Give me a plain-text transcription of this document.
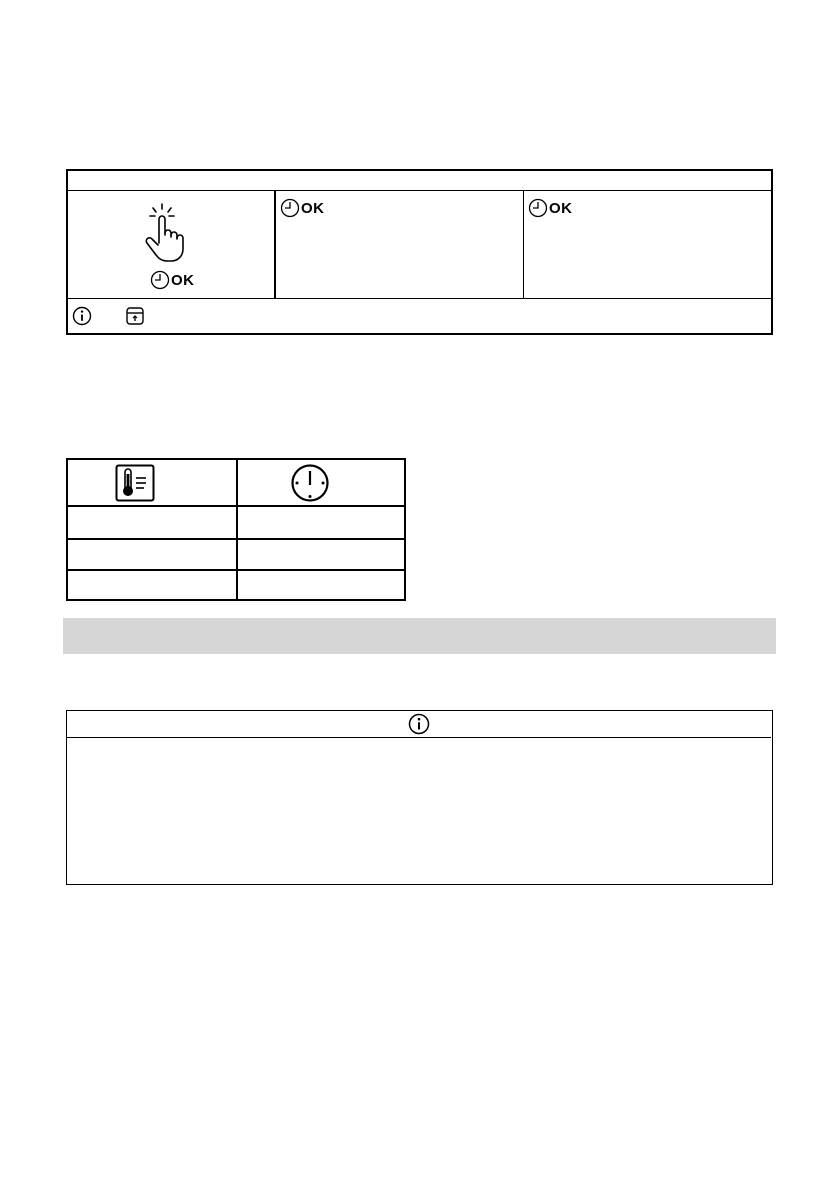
OK
OK	OK
